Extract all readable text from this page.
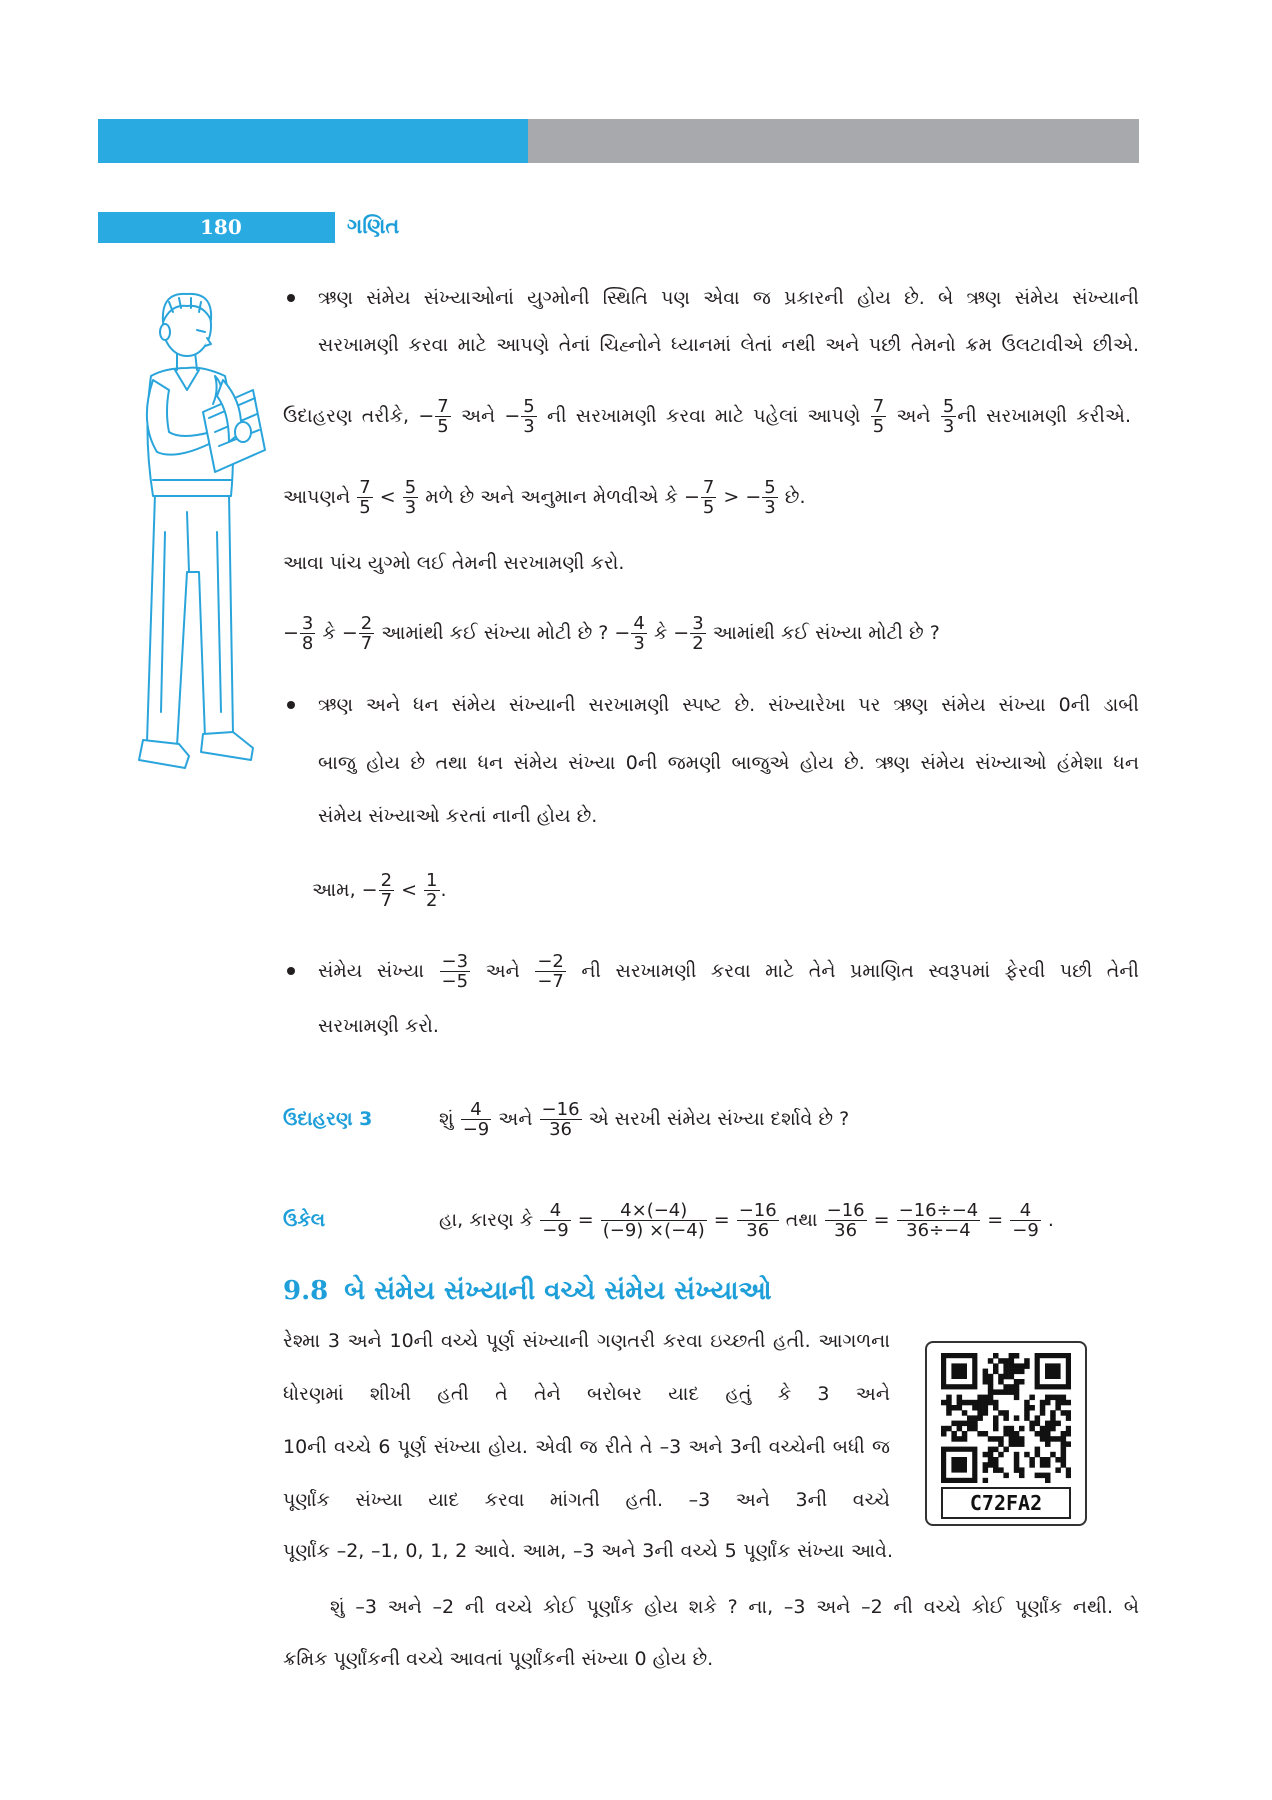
180	ગણિત
ઋણ સંમેય સંખ્યાઓનાં યુગ્મોની સ્થિતિ પણ એવા જ પ્રકારની હોય છે. બે ઋણ સંમેય સંખ્યાની
સરખામણી કરવા માટે આપણે તેનાં ચિહ્નોને ધ્યાનમાં લેતાં નથી અને પછી તેમનો ક્રમ ઉલટાવીએ છીએ.
ઉદાહરણ તરીકે, − $\frac{7}{5}$ અને − $\frac{5}{3}$ ની સરખામણી કરવા માટે પહેલાં આપણે $\frac{7}{5}$ અને $\frac{5}{3}$ ની સરખામણી કરીએ.
આપણને $\frac{7}{5} < \frac{5}{3}$ મળે છે અને અનુમાન મેળવીએ કે − $\frac{7}{5}$ > − $\frac{5}{3}$ છે.
આવા પાંચ યુગ્મો લઈ તેમની સરખામણી કરો.
− $\frac{3}{8}$ કે − $\frac{2}{7}$ આમાંથી કઈ સંખ્યા મોટી છે ? − $\frac{4}{3}$ કે − $\frac{3}{2}$ આમાંથી કઈ સંખ્યા મોટી છે ?
ઋણ અને ધન સંમેય સંખ્યાની સરખામણી સ્પષ્ટ છે. સંખ્યારેખા પર ઋણ સંમેય સંખ્યા 0ની ડાબી
બાજુ હોય છે તથા ધન સંમેય સંખ્યા 0ની જમણી બાજુએ હોય છે. ઋણ સંમેય સંખ્યાઓ હંમેશા ધન
સંમેય સંખ્યાઓ કરતાં નાની હોય છે.
આમ, − $\frac{2}{7} < \frac{1}{2}$ .
સંમેય સંખ્યા $\frac{-3}{-5}$ અને $\frac{-2}{-7}$ ની સરખામણી કરવા માટે તેને પ્રમાણિત સ્વરૂપમાં ફેરવી પછી તેની
સરખામણી કરો.
ઉદાહરણ 3	શું $\frac{4}{-9}$ અને $\frac{-16}{36}$ એ સરખી સંમેય સંખ્યા દર્શાવે છે ?
ઉકેલ	હા, કારણ કે $\frac{4}{-9} = \frac{4\times(-4)}{(-9) \times(-4)} = \frac{-16}{36}$ તથા $\frac{-16}{36} = \frac{-16\div-4}{36\div-4} = \frac{4}{-9}$ .
9.8 બે સંમેય સંખ્યાની વચ્ચે સંમેય સંખ્યાઓ
રેશ્મા 3 અને 10ની વચ્ચે પૂર્ણ સંખ્યાની ગણતરી કરવા ઇચ્છતી હતી. આગળના
ધોરણમાં શીખી હતી તે તેને બરોબર યાદ હતું કે 3 અને
10ની વચ્ચે 6 પૂર્ણ સંખ્યા હોય. એવી જ રીતે તે –3 અને 3ની વચ્ચેની બધી જ
પૂર્ણાંક સંખ્યા યાદ કરવા માંગતી હતી. –3 અને 3ની વચ્ચે
પૂર્ણાંક –2, –1, 0, 1, 2 આવે. આમ, –3 અને 3ની વચ્ચે 5 પૂર્ણાંક સંખ્યા આવે.
C72FA2
શું –3 અને –2 ની વચ્ચે કોઈ પૂર્ણાંક હોય શકે ? ના, –3 અને –2 ની વચ્ચે કોઈ પૂર્ણાંક નથી. બે
ક્રમિક પૂર્ણાંકની વચ્ચે આવતાં પૂર્ણાંકની સંખ્યા 0 હોય છે.
